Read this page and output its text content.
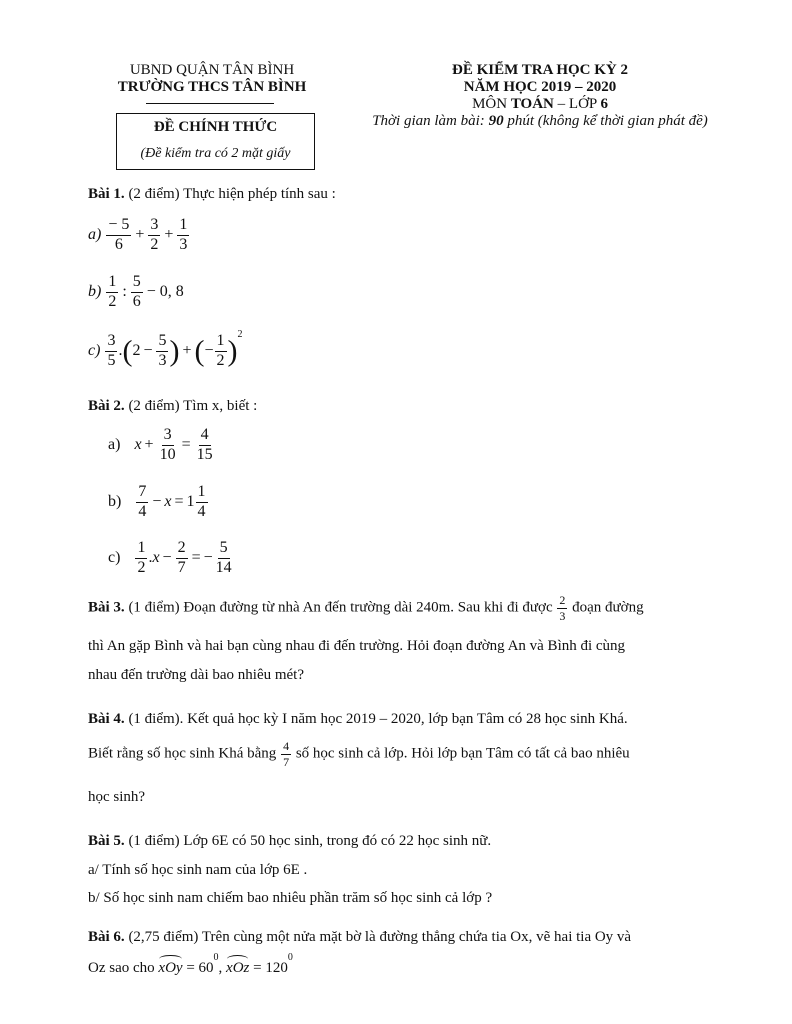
UBND QUẬN TÂN BÌNH
TRƯỜNG THCS TÂN BÌNH
ĐỀ CHÍNH THỨC
(Đề kiểm tra có 2 mặt giấy
ĐỀ KIỂM TRA HỌC KỲ 2
NĂM HỌC 2019 – 2020
MÔN TOÁN – LỚP 6
Thời gian làm bài: 90 phút (không kể thời gian phát đề)
Bài 1. (2 điểm) Thực hiện phép tính sau :
$a) \frac{- 5}{6} + \frac{3}{2} + \frac{1}{3}$
$b) \frac{1}{2}$ : $\frac{5}{6} - 0$, 8
$c) \frac{3}{5} .(2 - \frac{5}{3}$ ) + (− $\frac{1}{2} )^2$
Bài 2. (2 điểm) Tìm x, biết :
a) $x + \frac{3}{10} = \frac{4}{15}$
$b) \frac{7}{4} - x = 1 \frac{1}{4}$
$c) \frac{1}{2} .x - \frac{2}{7}$ = − $\frac{5}{14}$
Bài 3. (1 điểm) Đoạn đường từ nhà An đến trường dài 240m. Sau khi đi được $\frac{2}{3}$ đoạn đường
thì An gặp Bình và hai bạn cùng nhau đi đến trường. Hỏi đoạn đường An và Bình đi cùng
nhau đến trường dài bao nhiêu mét?
Bài 4. (1 điểm). Kết quả học kỳ I năm học 2019 – 2020, lớp bạn Tâm có 28 học sinh Khá.
Biết rằng số học sinh Khá bằng $\frac{4}{7}$ số học sinh cả lớp. Hỏi lớp bạn Tâm có tất cả bao nhiêu
học sinh?
Bài 5. (1 điểm) Lớp 6E có 50 học sinh, trong đó có 22 học sinh nữ.
a/ Tính số học sinh nam của lớp 6E .
b/ Số học sinh nam chiếm bao nhiêu phần trăm số học sinh cả lớp ?
Bài 6. (2,75 điểm) Trên cùng một nửa mặt bờ là đường thẳng chứa tia Ox, vẽ hai tia Oy và
Oz sao cho xOy = $60^0$, xOz = $120^0$
